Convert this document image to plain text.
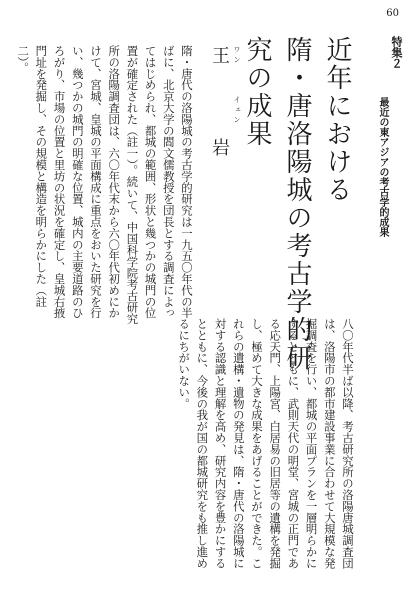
60
特集２
最近の東アジアの考古学的成果
近年における
隋・唐洛陽城の考古学的研究の成果
ワン　　　イェン
王　岩
隋・唐代の洛陽城の考古学的研究は一九五〇年代の半ばに、北京大学の閻文儒教授を団長とする調査によってはじめられ、都城の範囲、形状と幾つかの城門の位置が確定された（註一）。続いて、中国科学院考古研究所の洛陽調査団は、六〇年代末から六〇年代初めにかけて、宮城、皇城の平面構成に重点をおいた研究を行い、幾つかの城門の明確な位置、城内の主要道路のひろがり、市場の位置と里坊の状況を確定し、皇城右掖門址を発掘し、その規模と構造を明らかにした（註二）。
八〇年代半ば以降、考古研究所の洛陽唐城調査団は、洛陽市の都市建設事業に合わせて大規模な発掘調査を行い、都城の平面プランを一層明らかにするとともに、武則天代の明堂、宮城の正門である応天門、上陽宮、白居易の旧居等の遺構を発掘し、極めて大きな成果をあげることができた。これらの遺構・遺物の発見は、隋・唐代の洛陽城に対する認識と理解を高め、研究内容を豊かにするとともに、今後の我が国の都城研究をも推し進めるにちがいない。
